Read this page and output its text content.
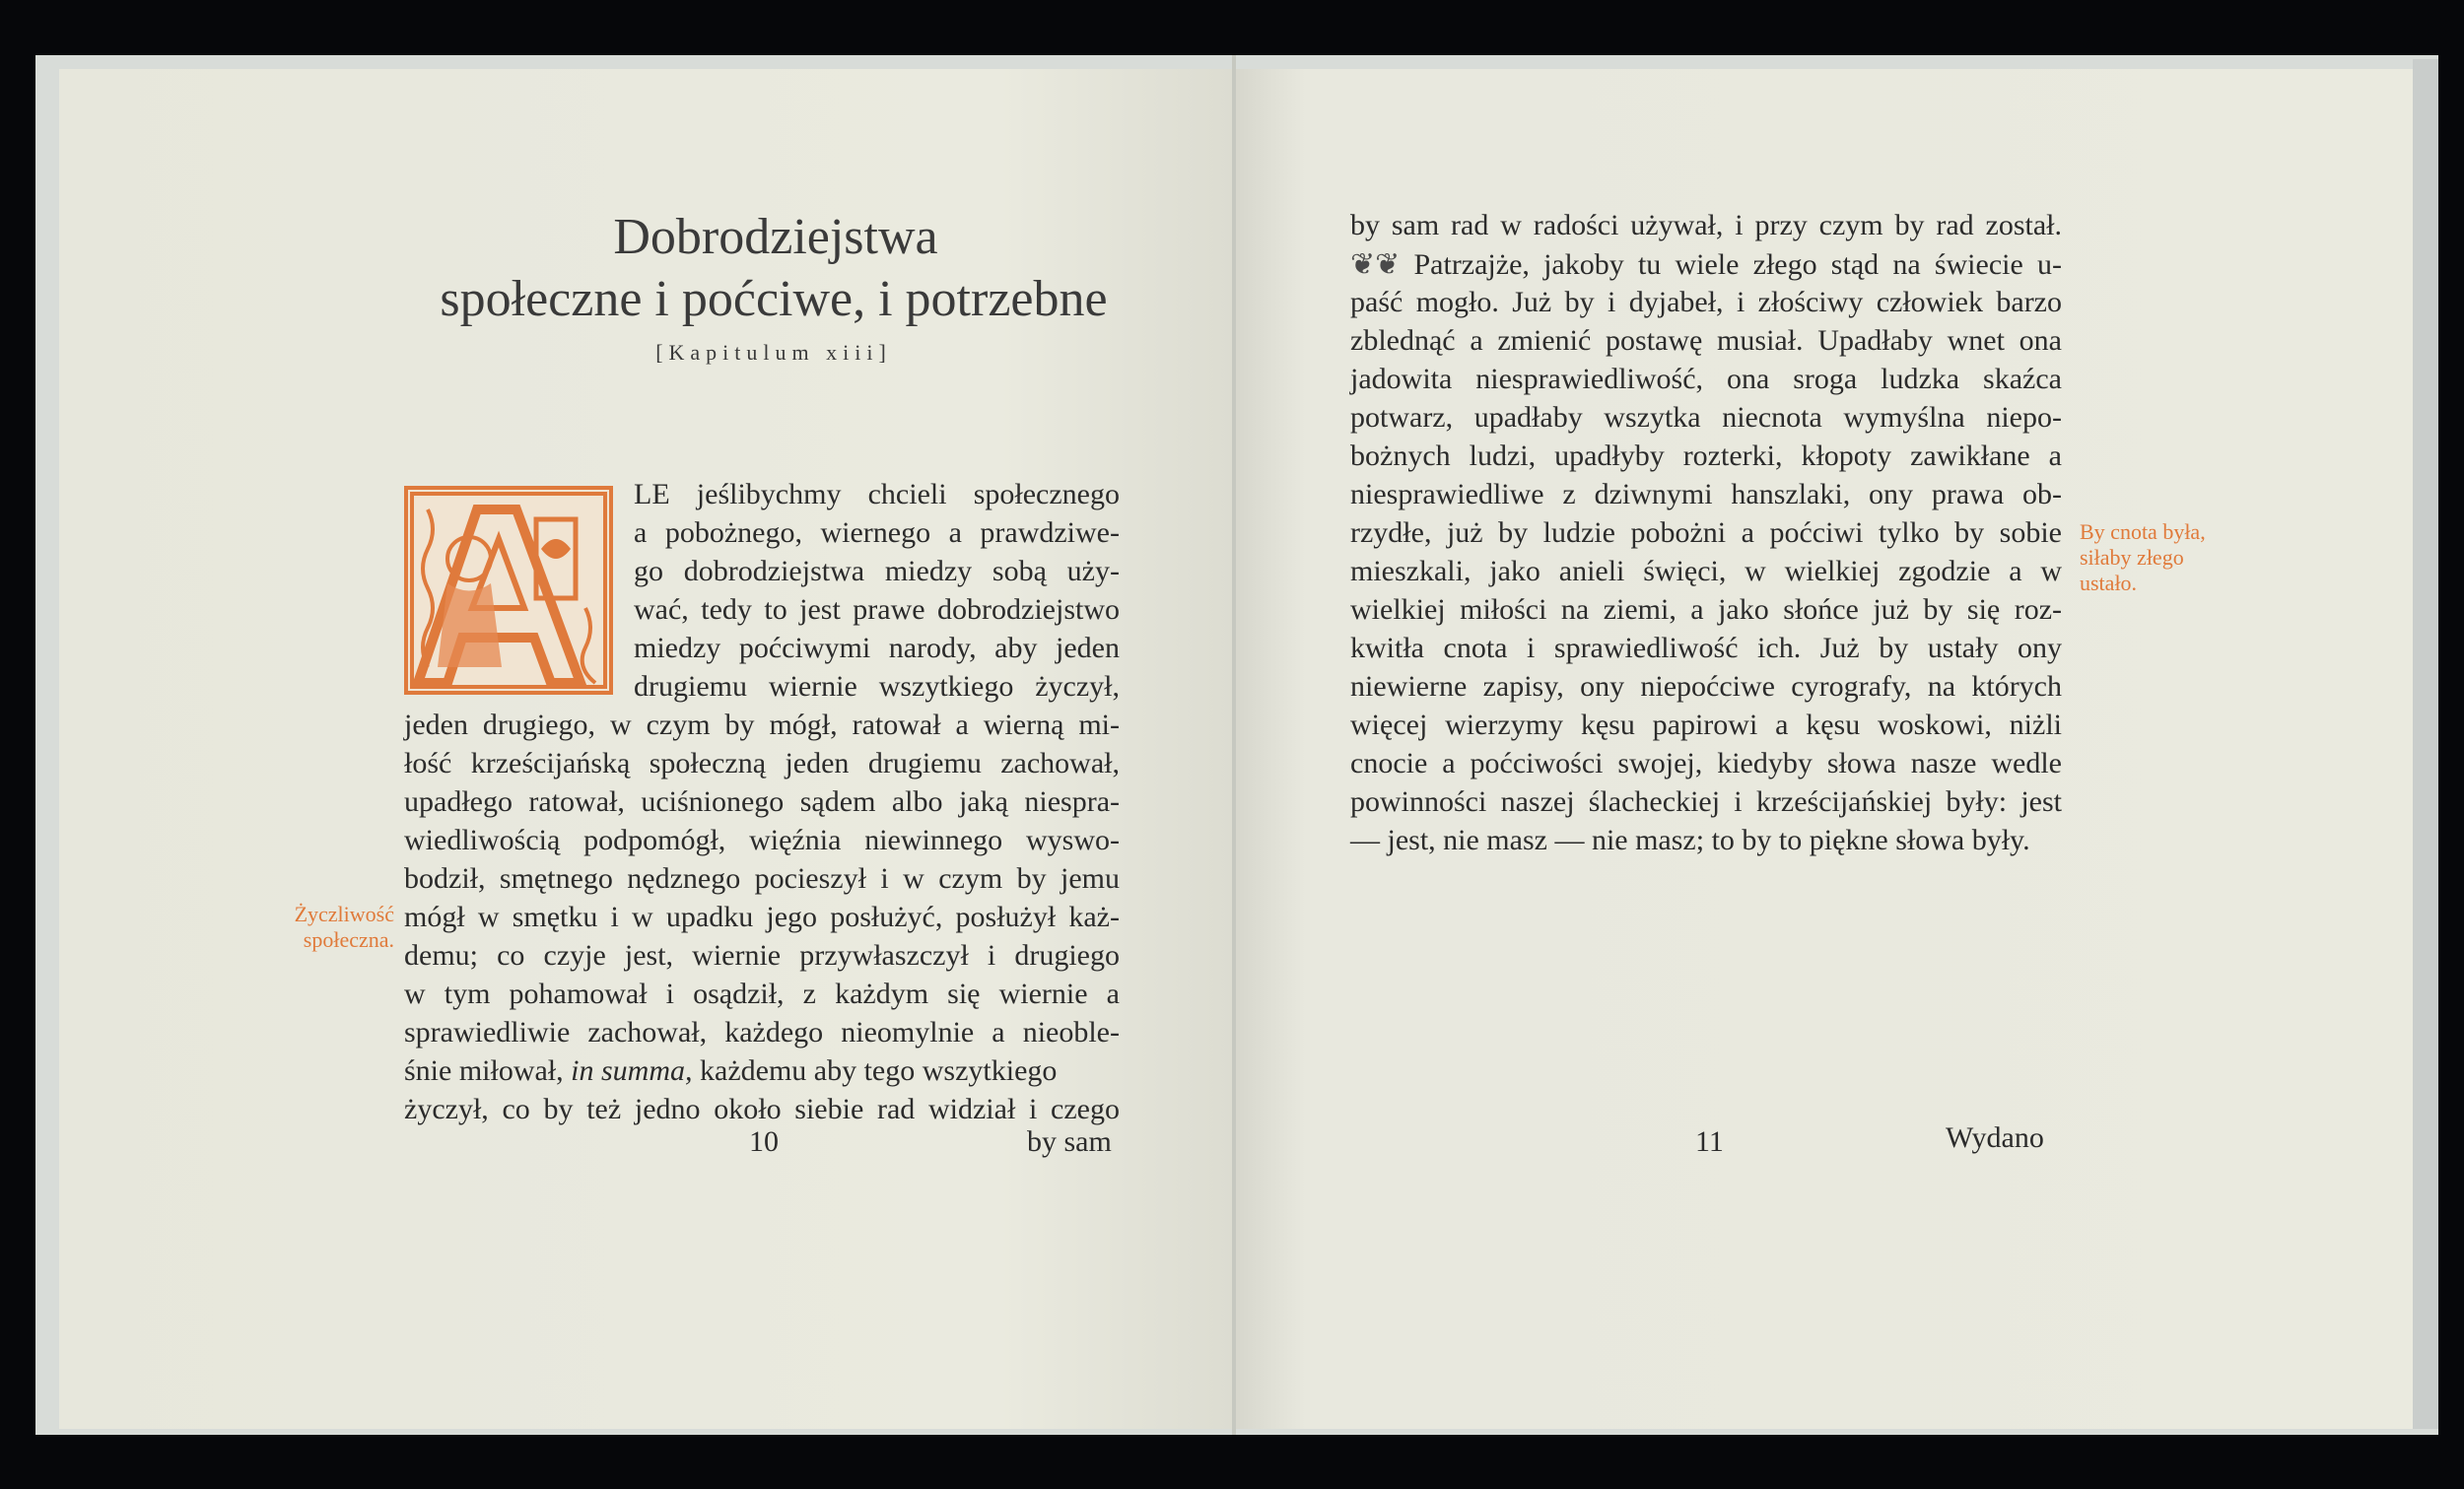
Dobrodziejstwa
społeczne i poćciwe, i potrzebne
[Kapitulum xiii]
LE jeślibychmy chcieli społecznego
a pobożnego, wiernego a prawdziwe-
go dobrodziejstwa miedzy sobą uży-
wać, tedy to jest prawe dobrodziejstwo
miedzy poćciwymi narody, aby jeden
drugiemu wiernie wszytkiego życzył,
jeden drugiego, w czym by mógł, ratował a wierną mi-
łość krześcijańską społeczną jeden drugiemu zachował,
upadłego ratował, uciśnionego sądem albo jaką niespra-
wiedliwością podpomógł, więźnia niewinnego wyswo-
bodził, smętnego nędznego pocieszył i w czym by jemu
mógł w smętku i w upadku jego posłużyć, posłużył każ-
demu; co czyje jest, wiernie przywłaszczył i drugiego
w tym pohamował i osądził, z każdym się wiernie a
sprawiedliwie zachował, każdego nieomylnie a nieoble-
śnie miłował, in summa, każdemu aby tego wszytkiego
życzył, co by też jedno około siebie rad widział i czego
Życzliwość
społeczna.
10	by sam
by sam rad w radości używał, i przy czym by rad został.
❦❦ Patrzajże, jakoby tu wiele złego stąd na świecie u-
paść mogło. Już by i dyjabeł, i złościwy człowiek barzo
zblednąć a zmienić postawę musiał. Upadłaby wnet ona
jadowita niesprawiedliwość, ona sroga ludzka skaźca
potwarz, upadłaby wszytka niecnota wymyślna niepo-
bożnych ludzi, upadłyby rozterki, kłopoty zawikłane a
niesprawiedliwe z dziwnymi hanszlaki, ony prawa ob-
rzydłe, już by ludzie pobożni a poćciwi tylko by sobie
mieszkali, jako anieli święci, w wielkiej zgodzie a w
wielkiej miłości na ziemi, a jako słońce już by się roz-
kwitła cnota i sprawiedliwość ich. Już by ustały ony
niewierne zapisy, ony niepoćciwe cyrografy, na których
więcej wierzymy kęsu papirowi a kęsu woskowi, niżli
cnocie a poćciwości swojej, kiedyby słowa nasze wedle
powinności naszej ślacheckiej i krześcijańskiej były: jest
— jest, nie masz — nie masz; to by to piękne słowa były.
By cnota była,
siłaby złego
ustało.
11	Wydano
